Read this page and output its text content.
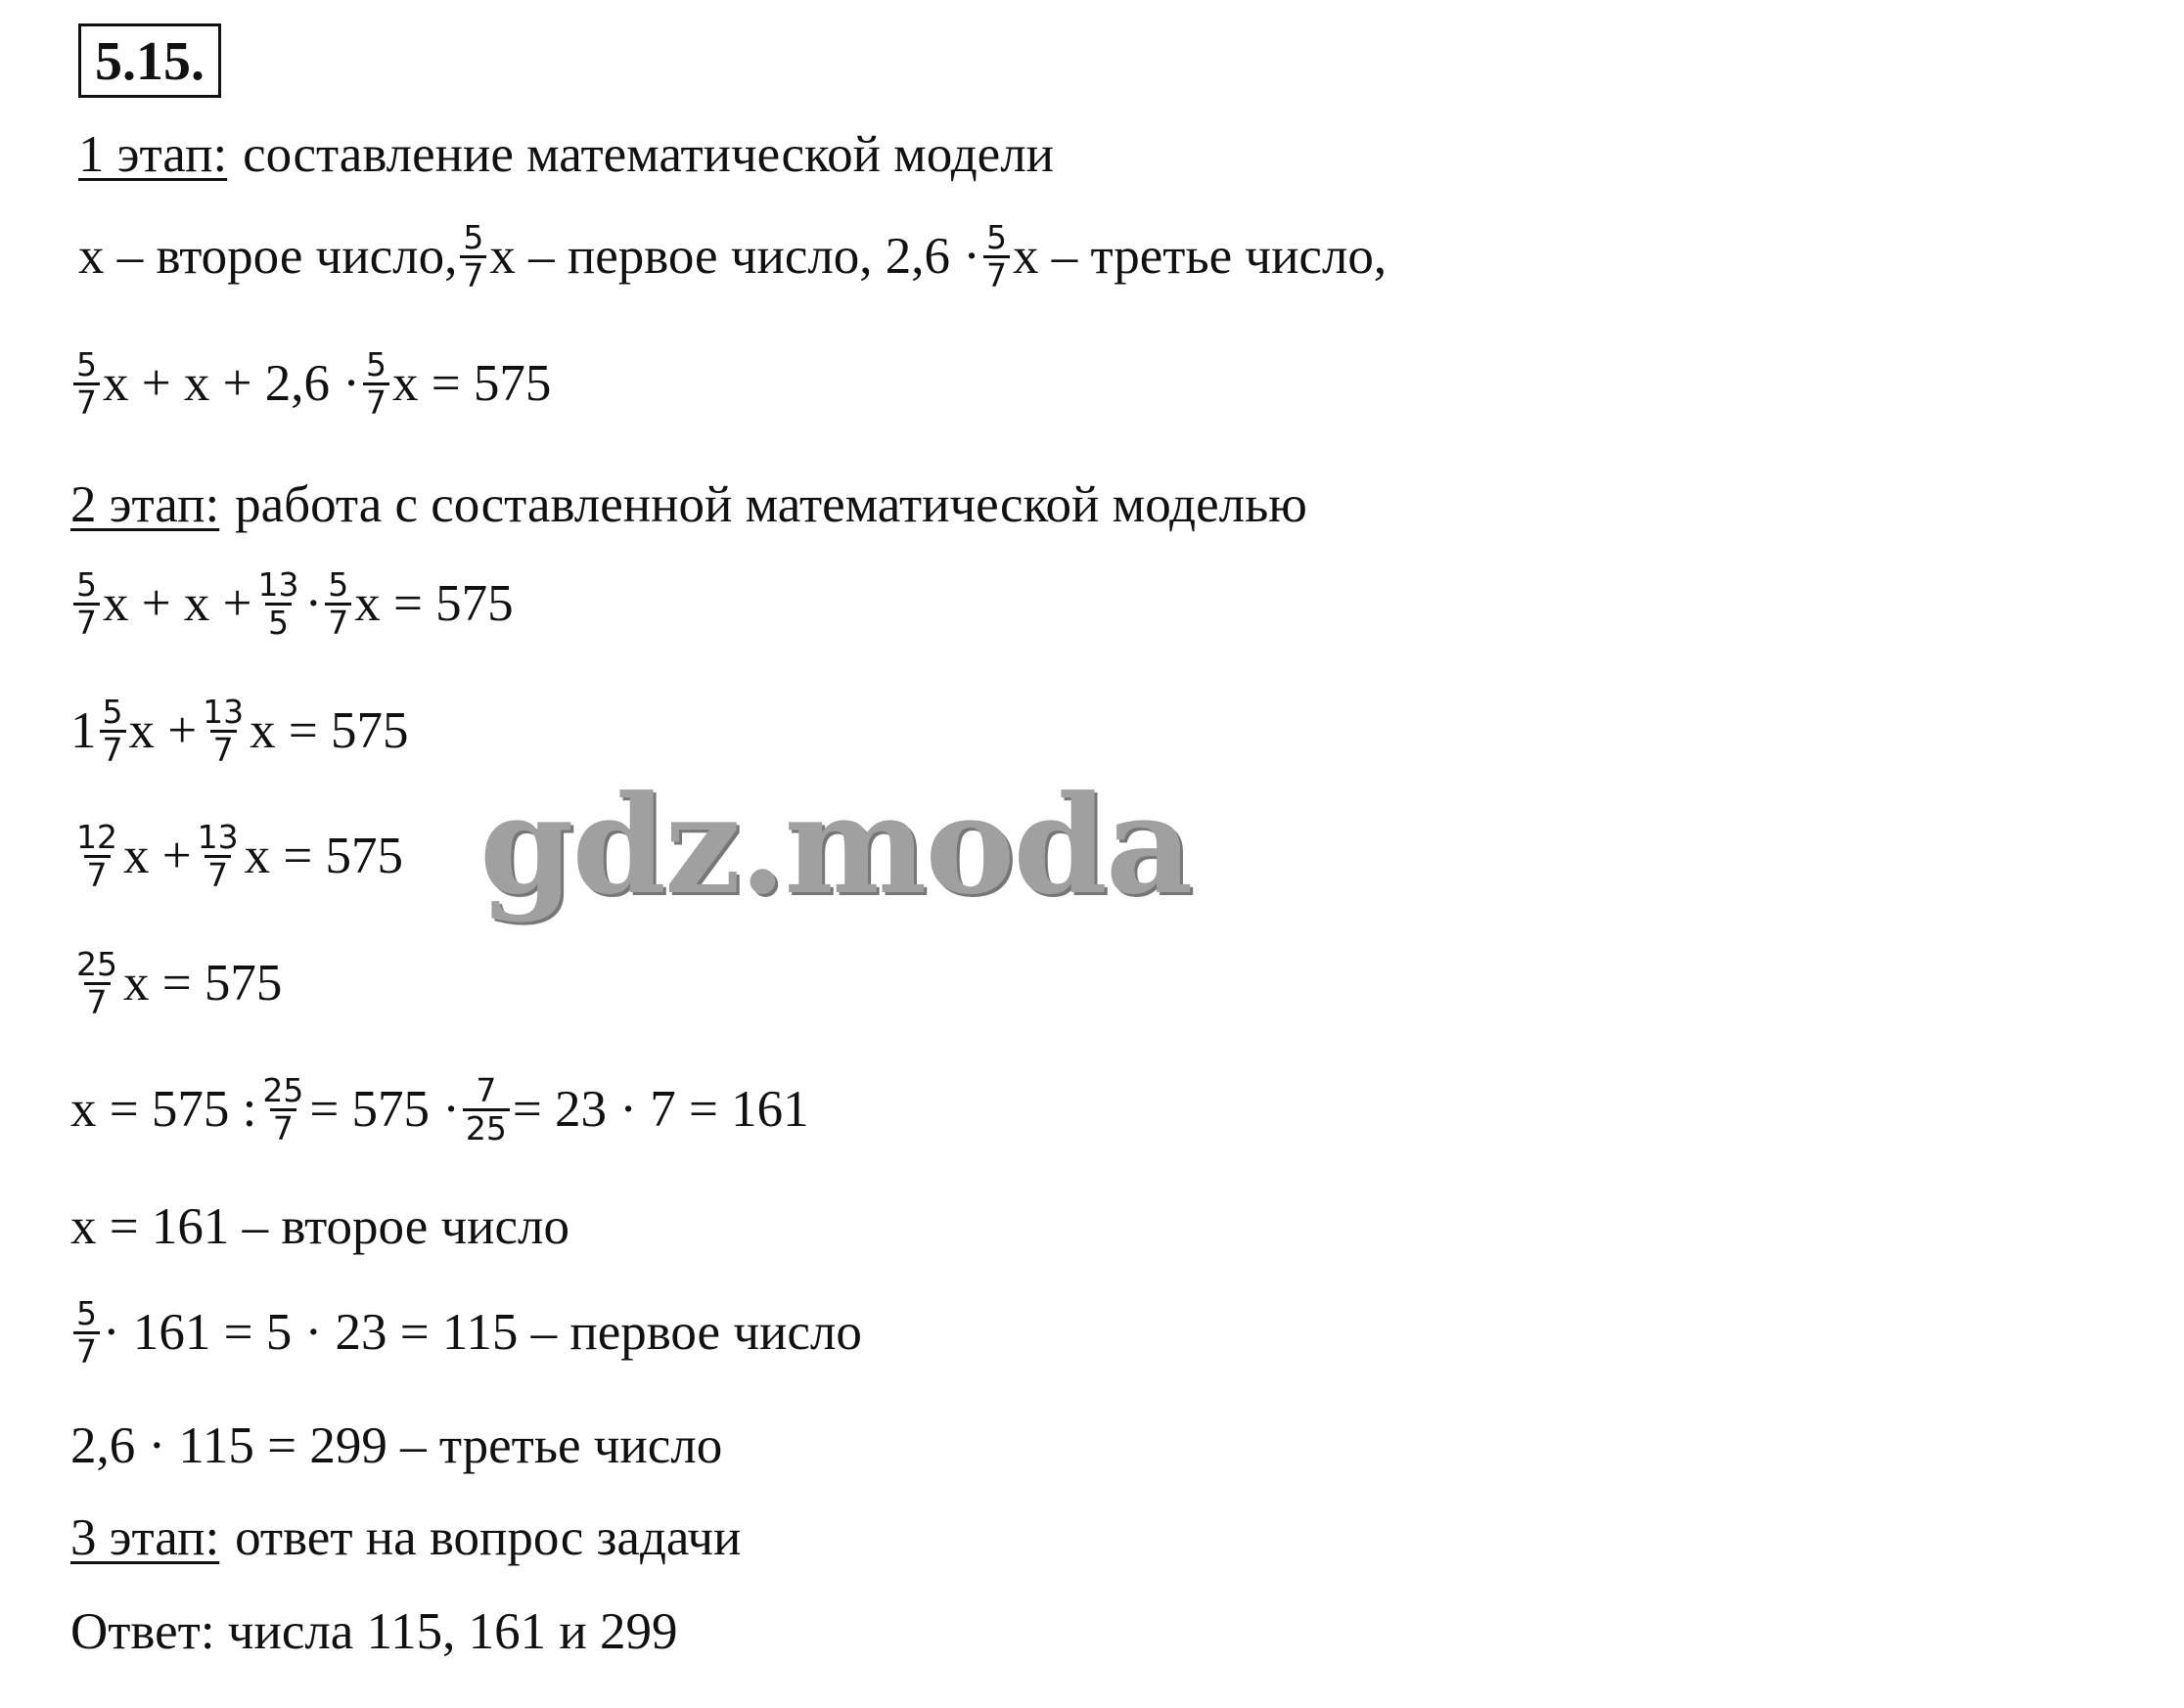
5.15.
1 этап: составление математической модели
x – второе число, $\frac{5}{7}$ x – первое число, $2,6 \cdot \frac{5}{7}$ x – третье число,
$\frac{5}{7}$ $x + x + 2,6 \cdot \frac{5}{7}$ x = 575
2 этап: работа с составленной математической моделью
$\frac{5}{7}$ $x + x + \frac{13}{5} \cdot \frac{5}{7}$ x = 575
$1 \frac{5}{7}$ $x + \frac{13}{7}$ x = 575
$\frac{12}{7}$ $x + \frac{13}{7}$ x = 575
$\frac{25}{7}$ x = 575
x = 575 : $\frac{25}{7} = 575 \cdot \frac{7}{25} = 23 \cdot 7 = 161$
x = 161 – второе число
$\frac{5}{7} \cdot 161 = 5 \cdot 23 = 115$ – первое число
2,6 · 115 = 299 – третье число
3 этап: ответ на вопрос задачи
Ответ: числа 115, 161 и 299
gdz.moda
